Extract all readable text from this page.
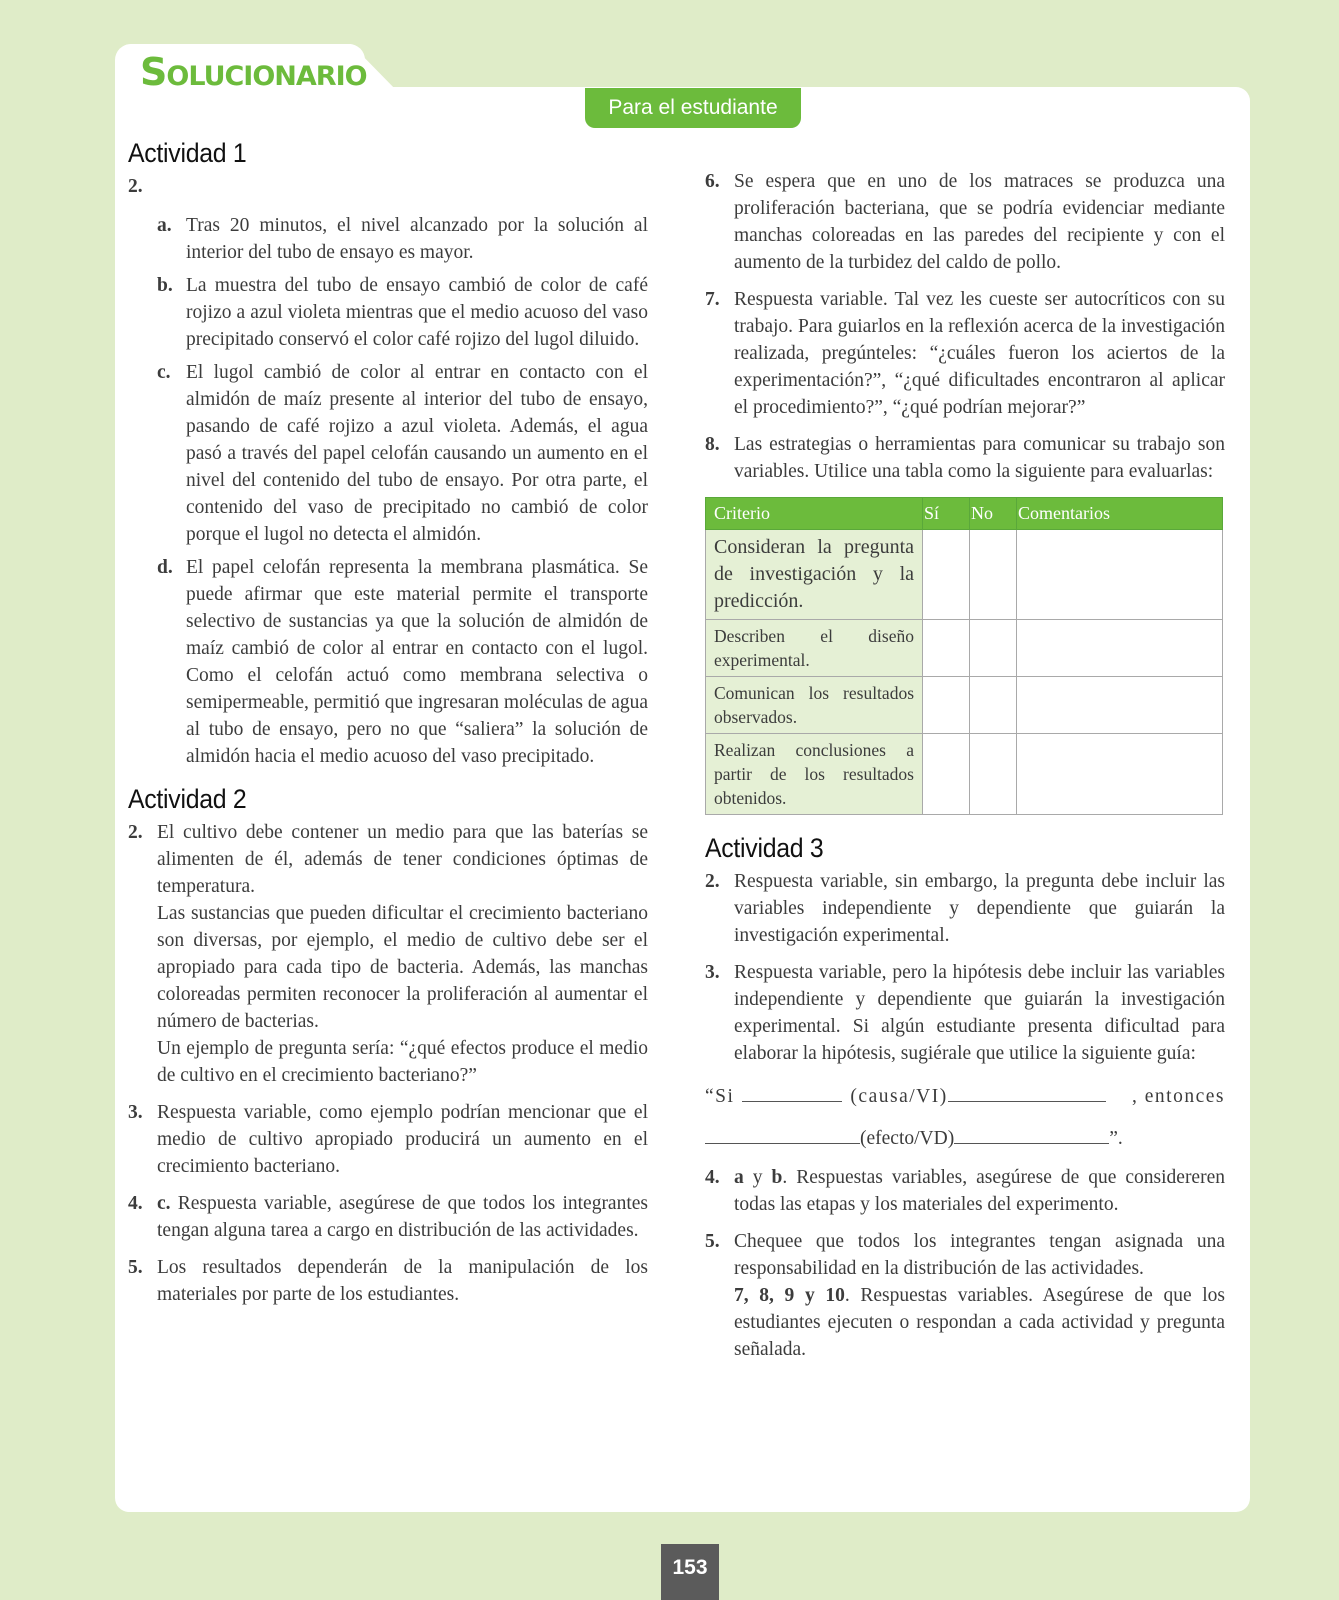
Solucionario
Para el estudiante
Actividad 1
2.
a. Tras 20 minutos, el nivel alcanzado por la solución al interior del tubo de ensayo es mayor.
b. La muestra del tubo de ensayo cambió de color de café rojizo a azul violeta mientras que el medio acuoso del vaso precipitado conservó el color café rojizo del lugol diluido.
c. El lugol cambió de color al entrar en contacto con el almidón de maíz presente al interior del tubo de ensayo, pasando de café rojizo a azul violeta. Además, el agua pasó a través del papel celofán causando un aumento en el nivel del contenido del tubo de ensayo. Por otra parte, el contenido del vaso de precipitado no cambió de color porque el lugol no detecta el almidón.
d. El papel celofán representa la membrana plasmática. Se puede afirmar que este material permite el transporte selectivo de sustancias ya que la solución de almidón de maíz cambió de color al entrar en contacto con el lugol. Como el celofán actuó como membrana selectiva o semipermeable, permitió que ingresaran moléculas de agua al tubo de ensayo, pero no que “saliera” la solución de almidón hacia el medio acuoso del vaso precipitado.
Actividad 2
2. El cultivo debe contener un medio para que las baterías se alimenten de él, además de tener condiciones óptimas de temperatura.

Las sustancias que pueden dificultar el crecimiento bacteriano son diversas, por ejemplo, el medio de cultivo debe ser el apropiado para cada tipo de bacteria. Además, las manchas coloreadas permiten reconocer la proliferación al aumentar el número de bacterias.

Un ejemplo de pregunta sería: “¿qué efectos produce el medio de cultivo en el crecimiento bacteriano?”

3. Respuesta variable, como ejemplo podrían mencionar que el medio de cultivo apropiado producirá un aumento en el crecimiento bacteriano.
4. c. Respuesta variable, asegúrese de que todos los integrantes tengan alguna tarea a cargo en distribución de las actividades.
5. Los resultados dependerán de la manipulación de los materiales por parte de los estudiantes.
6. Se espera que en uno de los matraces se produzca una proliferación bacteriana, que se podría evidenciar mediante manchas coloreadas en las paredes del recipiente y con el aumento de la turbidez del caldo de pollo.
7. Respuesta variable. Tal vez les cueste ser autocríticos con su trabajo. Para guiarlos en la reflexión acerca de la investigación realizada, pregúnteles: “¿cuáles fueron los aciertos de la experimentación?”, “¿qué dificultades encontraron al aplicar el procedimiento?”, “¿qué podrían mejorar?”
8. Las estrategias o herramientas para comunicar su trabajo son variables. Utilice una tabla como la siguiente para evaluarlas:
Criterio	Sí	No	Comentarios
Consideran la pregunta de investigación y la predicción.			
Describen el diseño experimental.			
Comunican los resultados observados.			
Realizan conclusiones a partir de los resultados obtenidos.			
Actividad 3
2. Respuesta variable, sin embargo, la pregunta debe incluir las variables independiente y dependiente que guiarán la investigación experimental.
3. Respuesta variable, pero la hipótesis debe incluir las variables independiente y dependiente que guiarán la investigación experimental. Si algún estudiante presenta dificultad para elaborar la hipótesis, sugiérale que utilice la siguiente guía:
“Si	(causa/VI)	, entonces
(efecto/VD)	”.
4. a y b. Respuestas variables, asegúrese de que considereren todas las etapas y los materiales del experimento.
5. Chequee que todos los integrantes tengan asignada una responsabilidad en la distribución de las actividades.

7, 8, 9 y 10. Respuestas variables. Asegúrese de que los estudiantes ejecuten o respondan a cada actividad y pregunta señalada.

153
